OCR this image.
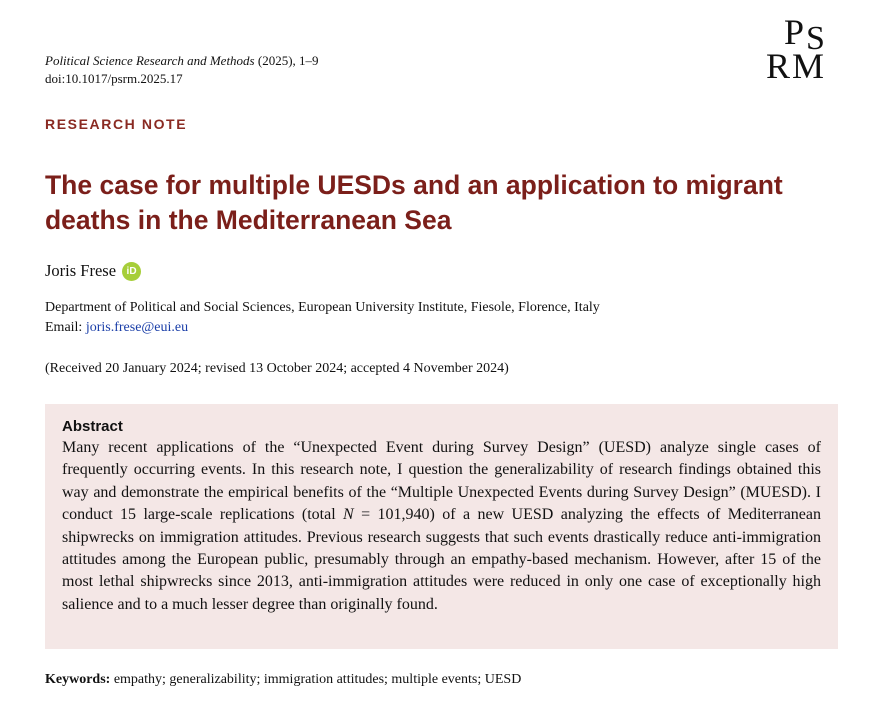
Political Science Research and Methods (2025), 1–9
doi:10.1017/psrm.2025.17
P S
R M
RESEARCH NOTE
The case for multiple UESDs and an application to migrant deaths in the Mediterranean Sea
Joris Frese	iD
Department of Political and Social Sciences, European University Institute, Fiesole, Florence, Italy
Email: joris.frese@eui.eu
(Received 20 January 2024; revised 13 October 2024; accepted 4 November 2024)
Abstract

Many recent applications of the “Unexpected Event during Survey Design” (UESD) analyze single cases of frequently occurring events. In this research note, I question the generalizability of research findings obtained this way and demonstrate the empirical benefits of the “Multiple Unexpected Events during Survey Design” (MUESD). I conduct 15 large-scale replications (total N = 101,940) of a new UESD analyzing the effects of Mediterranean shipwrecks on immigration attitudes. Previous research suggests that such events drastically reduce anti-immigration attitudes among the European public, presumably through an empathy-based mechanism. However, after 15 of the most lethal shipwrecks since 2013, anti-immigration attitudes were reduced in only one case of exceptionally high salience and to a much lesser degree than originally found.

Keywords: empathy; generalizability; immigration attitudes; multiple events; UESD
